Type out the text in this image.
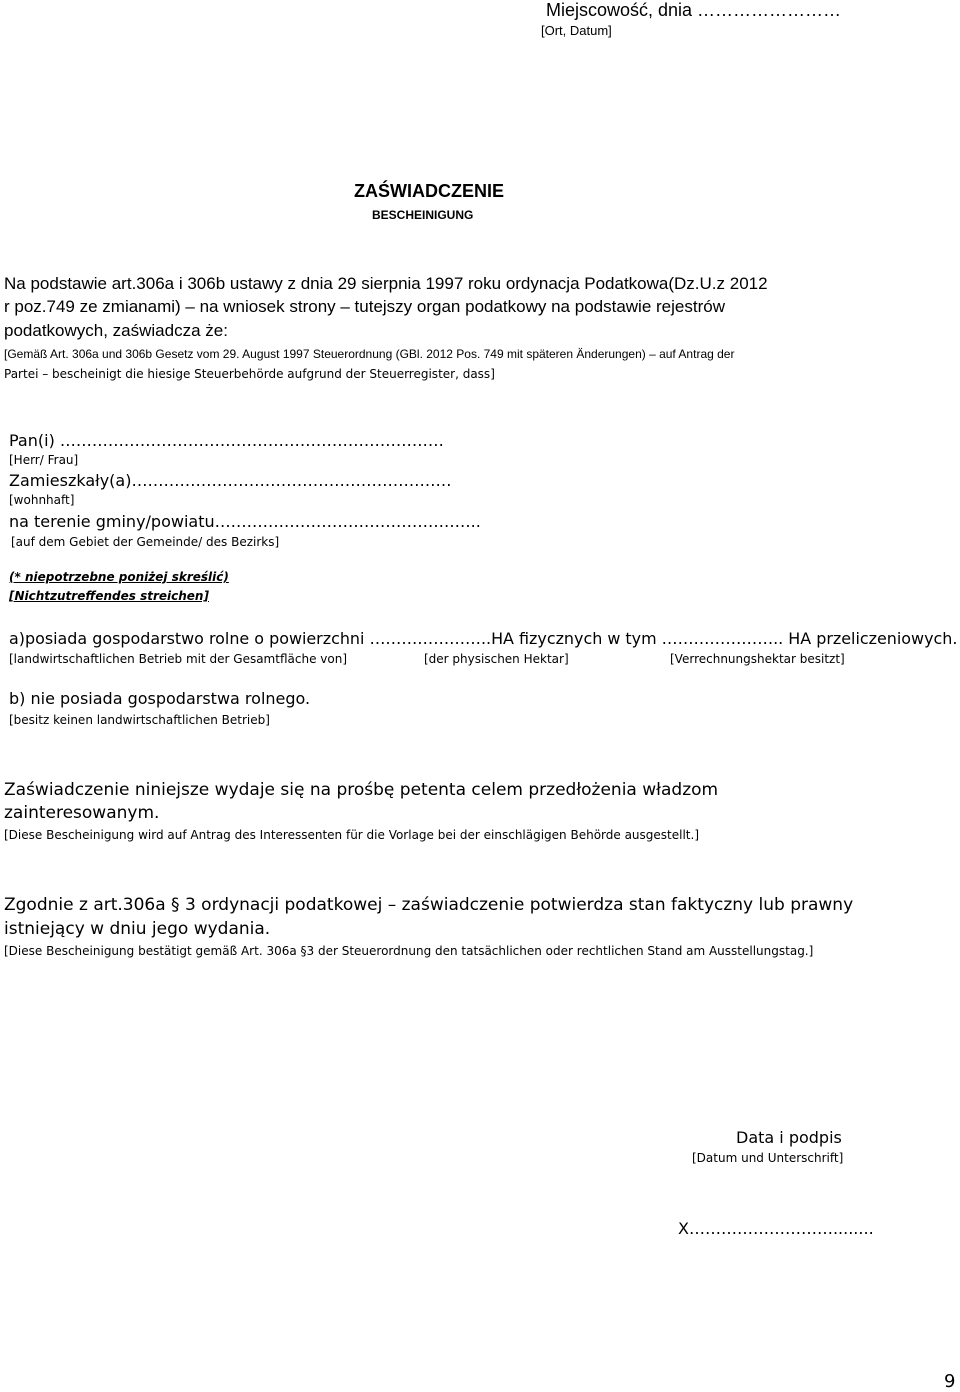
Miejscowość, dnia ……………………

[Ort, Datum]

ZAŚWIADCZENIE

BESCHEINIGUNG

Na podstawie art.306a i 306b ustawy z dnia 29 sierpnia 1997 roku ordynacja Podatkowa(Dz.U.z 2012

r poz.749 ze zmianami) – na wniosek strony – tutejszy organ podatkowy na podstawie rejestrów

podatkowych, zaświadcza że:

[Gemäß Art. 306a und 306b Gesetz vom 29. August 1997 Steuerordnung (GBl. 2012 Pos. 749 mit späteren Änderungen) – auf Antrag der

Partei – bescheinigt die hiesige Steuerbehörde aufgrund der Steuerregister, dass]

Pan(i) ………………………………………………………………

[Herr/ Frau]

Zamieszkały(a)……………………………………………………

[wohnhaft]

na terenie gminy/powiatu…………………………………………..

[auf dem Gebiet der Gemeinde/ des Bezirks]

(* niepotrzebne poniżej skreślić)

[Nichtzutreffendes streichen]

a)posiada gospodarstwo rolne o powierzchni …………………..HA fizycznych w tym ………………….. HA przeliczeniowych.

[landwirtschaftlichen Betrieb mit der Gesamtfläche von]	[der physischen Hektar]	[Verrechnungshektar besitzt]

b) nie posiada gospodarstwa rolnego.

[besitz keinen landwirtschaftlichen Betrieb]

Zaświadczenie niniejsze wydaje się na prośbę petenta celem przedłożenia władzom

zainteresowanym.

[Diese Bescheinigung wird auf Antrag des Interessenten für die Vorlage bei der einschlägigen Behörde ausgestellt.]

Zgodnie z art.306a § 3 ordynacji podatkowej – zaświadczenie potwierdza stan faktyczny lub prawny

istniejący w dniu jego wydania.

[Diese Bescheinigung bestätigt gemäß Art. 306a §3 der Steuerordnung den tatsächlichen oder rechtlichen Stand am Ausstellungstag.]

Data i podpis

[Datum und Unterschrift]

X………………………........

9
